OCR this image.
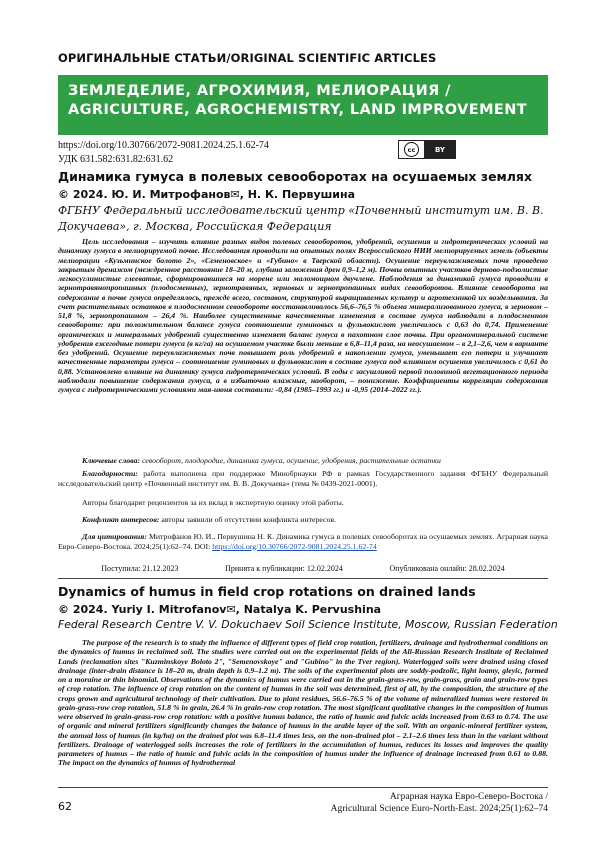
ОРИГИНАЛЬНЫЕ СТАТЬИ/ORIGINAL SCIENTIFIC ARTICLES
ЗЕМЛЕДЕЛИЕ, АГРОХИМИЯ, МЕЛИОРАЦИЯ /
AGRICULTURE, AGROCHEMISTRY, LAND IMPROVEMENT
https://doi.org/10.30766/2072-9081.2024.25.1.62-74
УДК 631.582:631.82:631.62
cc	BY
Динамика гумуса в полевых севооборотах на осушаемых землях
© 2024. Ю. И. Митрофанов✉, Н. К. Первушина
ФГБНУ Федеральный исследовательский центр «Почвенный институт им. В. В. Докучаева», г. Москва, Российская Федерация
Цель исследования – изучить влияние разных видов полевых севооборотов, удобрений, осушения и гидротермических условий на динамику гумуса в мелиорируемой почве. Исследования проводили на опытных полях Всероссийского НИИ мелиорируемых земель (объекты мелиорации «Кузьминское болото 2», «Семеновское» и «Губино» в Тверской области). Осушение переувлажняемых почв проведено закрытым дренажом (междренное расстояние 18–20 м, глубина заложения дрен 0,9–1,2 м). Почвы опытных участков дерново-подзолистые легкосуглинистые глееватые, сформировавшиеся на морене или маломощном двучлене. Наблюдения за динамикой гумуса проводили в зернотравянопропашных (плодосменных), зернотравяных, зерновых и зернопропашных видах севооборотов. Влияние севооборота на содержание в почве гумуса определялось, прежде всего, составом, структурой выращиваемых культур и агротехникой их возделывания. За счет растительных остатков в плодосменном севообороте восстанавливалось 56,6–76,5 % объема минерализованного гумуса, в зерновом – 51,8 %, зернопропашном – 26,4 %. Наиболее существенные качественные изменения в составе гумуса наблюдали в плодосменном севообороте: при положительном балансе гумуса соотношение гуминовых и фульвокислот увеличилось с 0,63 до 0,74. Применение органических и минеральных удобрений существенно изменяет баланс гумуса в пахотном слое почвы. При органоминеральной системе удобрения ежегодные потери гумуса (в кг/га) на осушаемом участке были меньше в 6,8–11,4 раза, на неосушаемом – в 2,1–2,6, чем в варианте без удобрений. Осушение переувлажняемых почв повышает роль удобрений в накоплении гумуса, уменьшает его потери и улучшает качественные параметры гумуса – соотношение гуминовых и фульвокислот в составе гумуса под влиянием осушения увеличилось с 0,61 до 0,88. Установлено влияние на динамику гумуса гидротермических условий. В годы с засушливой первой половиной вегетационного периода наблюдали повышение содержания гумуса, а в избыточно влажные, наоборот, – понижение. Коэффициенты корреляции содержания гумуса с гидротермическими условиями мая-июня составили: -0,84 (1985–1993 гг.) и -0,95 (2014–2022 гг.).
Ключевые слова: севооборот, плодородие, динамика гумуса, осушение, удобрения, растительные остатки
Благодарности: работа выполнена при поддержке Минобрнауки РФ в рамках Государственного задания ФГБНУ Федеральный исследовательский центр «Почвенный институт им. В. В. Докучаева» (тема № 0439-2021-0001).
Авторы благодарят рецензентов за их вклад в экспертную оценку этой работы.
Конфликт интересов: авторы заявили об отсутствии конфликта интересов.
Для цитирования: Митрофанов Ю. И., Первушина Н. К. Динамика гумуса в полевых севооборотах на осушаемых землях. Аграрная наука Евро-Северо-Востока. 2024;25(1):62–74. DOI: https://doi.org/10.30766/2072-9081.2024.25.1.62-74
Поступила: 21.12.2023	Принята к публикации: 12.02.2024	Опубликована онлайн: 28.02.2024
Dynamics of humus in field crop rotations on drained lands
© 2024. Yuriy I. Mitrofanov✉, Natalya K. Pervushina
Federal Research Centre V. V. Dokuchaev Soil Science Institute, Moscow, Russian Federation
The purpose of the research is to study the influence of different types of field crop rotation, fertilizers, drainage and hydrothermal conditions on the dynamics of humus in reclaimed soil. The studies were carried out on the experimental fields of the All-Russian Research Institute of Reclaimed Lands (reclamation sites "Kuzminskoye Boloto 2", "Semenovskoye" and "Gubino" in the Tver region). Waterlogged soils were drained using closed drainage (inter-drain distance is 18–20 m, drain depth is 0.9–1.2 m). The soils of the experimental plots are soddy-podzolic, light loamy, gleyic, formed on a moraine or thin binomial. Observations of the dynamics of humus were carried out in the grain-grass-row, grain-grass, grain and grain-row types of crop rotation. The influence of crop rotation on the content of humus in the soil was determined, first of all, by the composition, the structure of the crops grown and agricultural technology of their cultivation. Due to plant residues, 56.6–76.5 % of the volume of mineralized humus were restored in grain-grass-row crop rotation, 51.8 % in grain, 26.4 % in grain-row crop rotation. The most significant qualitative changes in the composition of humus were observed in grain-grass-row crop rotation: with a positive humus balance, the ratio of humic and fulvic acids increased from 0.63 to 0.74. The use of organic and mineral fertilizers significantly changes the balance of humus in the arable layer of the soil. With an organic-mineral fertilizer system, the annual loss of humus (in kg/ha) on the drained plot was 6.8–11.4 times less, on the non-drained plot – 2.1–2.6 times less than in the variant without fertilizers. Drainage of waterlogged soils increases the role of fertilizers in the accumulation of humus, reduces its losses and improves the quality parameters of humus – the ratio of humic and fulvic acids in the composition of humus under the influence of drainage increased from 0.61 to 0.88. The impact on the dynamics of humus of hydrothermal
62
Аграрная наука Евро-Северо-Востока /
Agricultural Science Euro-North-East. 2024;25(1):62–74
